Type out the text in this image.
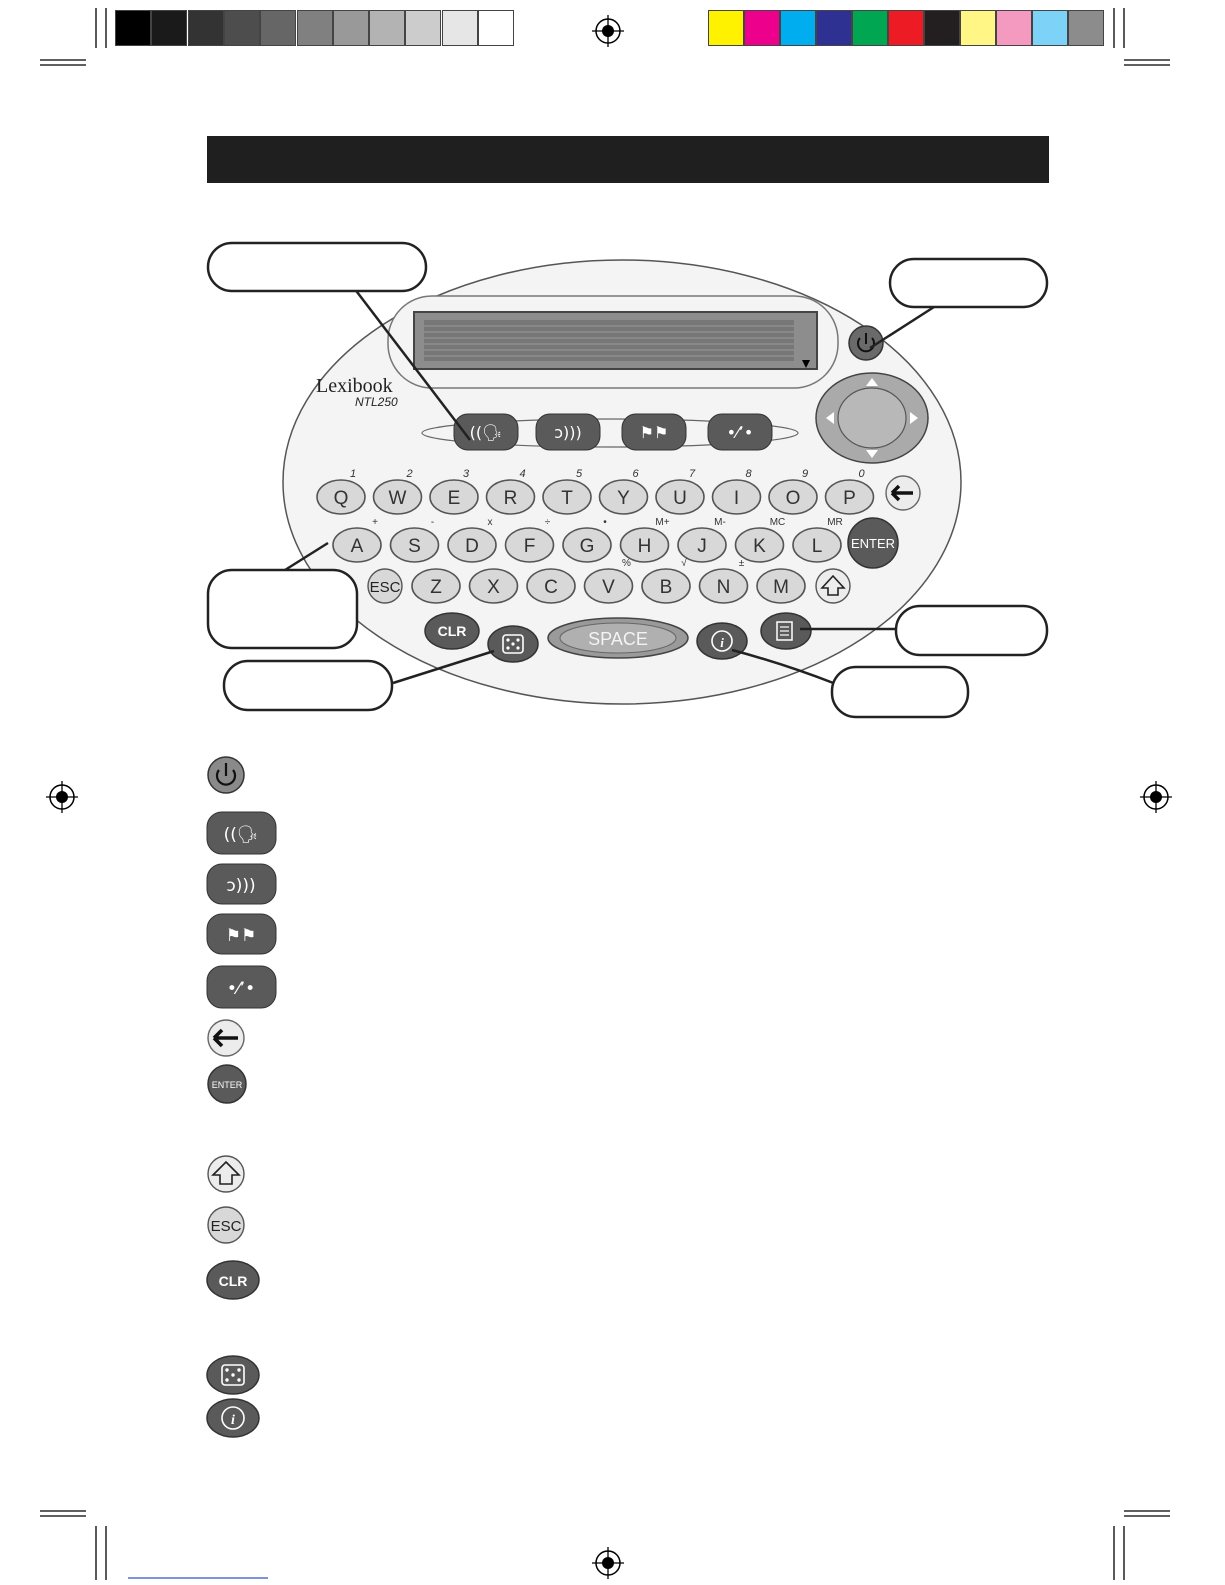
Lexibook
NTL250
((🗣	ↄ)))	⚑⚑	•⁄ʼ•
Q
1
W
2
E
3
R
4
T
5
Y
6
U
7
I
8
O
9
P
0
A
+
S
-
D
x
F
÷
G
•
H
M+
J
M-
K
MC
L
MR
Z X C V
%
B
√
N
±
M
ENTER
ESC
CLR	SPACE	i
((🗣
ↄ)))
⚑⚑
•⁄ʼ•
ENTER
ESC
CLR
i
